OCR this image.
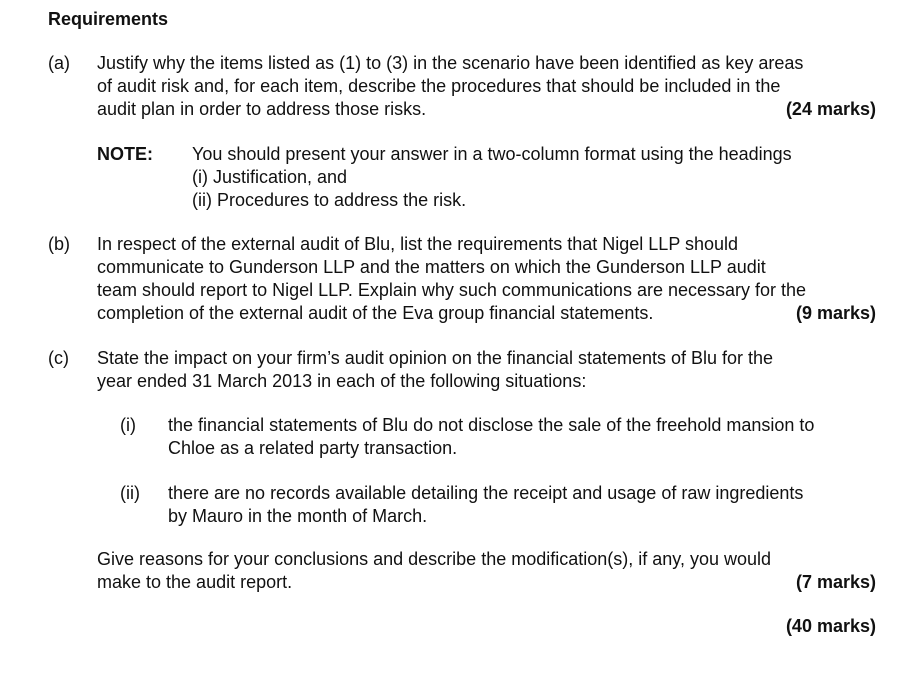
Requirements
(a) Justify why the items listed as (1) to (3) in the scenario have been identified as key areas
of audit risk and, for each item, describe the procedures that should be included in the
audit plan in order to address those risks.	(24 marks)
NOTE: You should present your answer in a two-column format using the headings
(i) Justification, and
(ii) Procedures to address the risk.
(b) In respect of the external audit of Blu, list the requirements that Nigel LLP should
communicate to Gunderson LLP and the matters on which the Gunderson LLP audit
team should report to Nigel LLP. Explain why such communications are necessary for the
completion of the external audit of the Eva group financial statements.	(9 marks)
(c) State the impact on your firm’s audit opinion on the financial statements of Blu for the
year ended 31 March 2013 in each of the following situations:
(i) the financial statements of Blu do not disclose the sale of the freehold mansion to
Chloe as a related party transaction.
(ii) there are no records available detailing the receipt and usage of raw ingredients
by Mauro in the month of March.
Give reasons for your conclusions and describe the modification(s), if any, you would
make to the audit report.	(7 marks)
(40 marks)
